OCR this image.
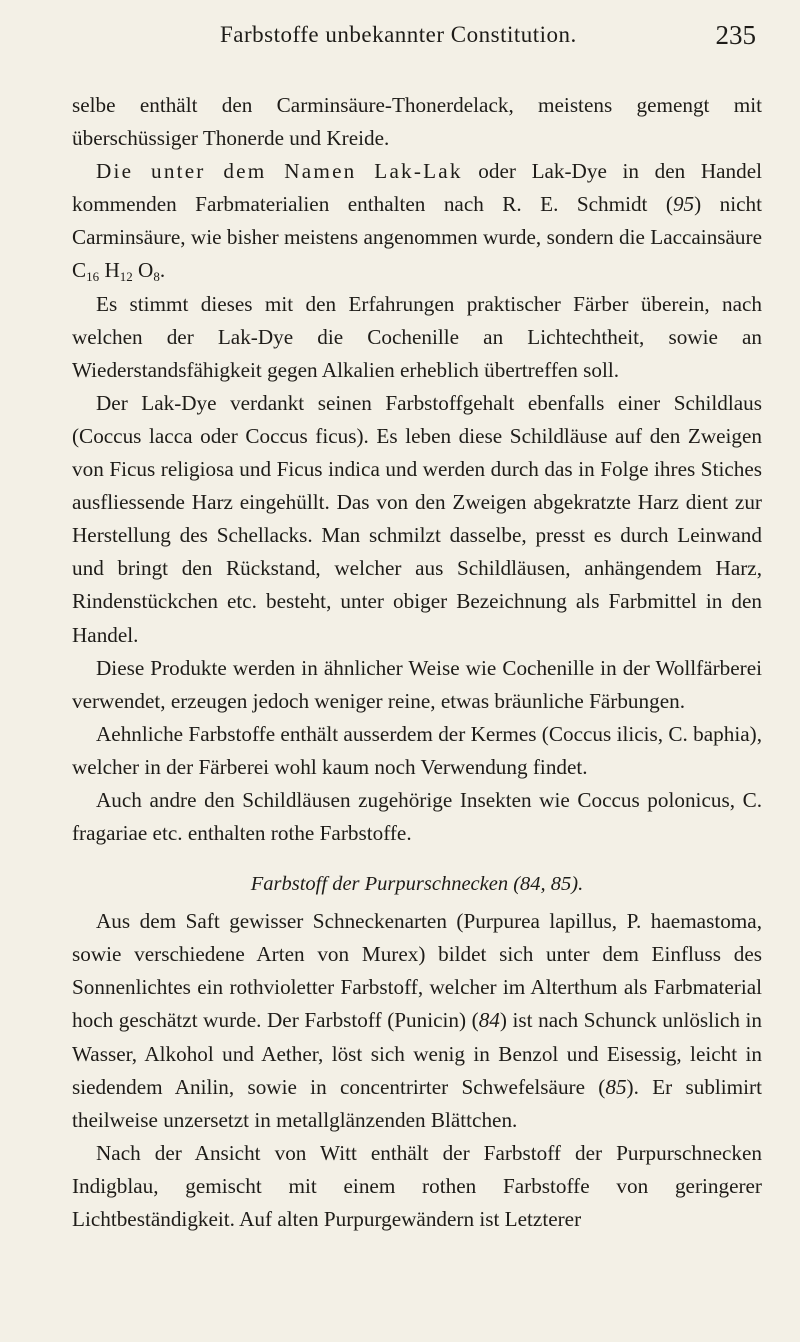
Farbstoffe unbekannter Constitution.	235

selbe enthält den Carminsäure-Thonerdelack, meistens gemengt mit überschüssiger Thonerde und Kreide.

Die unter dem Namen Lak-Lak oder Lak-Dye in den Handel kommenden Farbmaterialien enthalten nach R. E. Schmidt (95) nicht Carminsäure, wie bisher meistens angenommen wurde, sondern die Laccainsäure $C_{16}$ $H_{12}$ $O_8$.

Es stimmt dieses mit den Erfahrungen praktischer Färber überein, nach welchen der Lak-Dye die Cochenille an Lichtechtheit, sowie an Wiederstandsfähigkeit gegen Alkalien erheblich übertreffen soll.

Der Lak-Dye verdankt seinen Farbstoffgehalt ebenfalls einer Schildlaus (Coccus lacca oder Coccus ficus). Es leben diese Schildläuse auf den Zweigen von Ficus religiosa und Ficus indica und werden durch das in Folge ihres Stiches ausfliessende Harz eingehüllt. Das von den Zweigen abgekratzte Harz dient zur Herstellung des Schellacks. Man schmilzt dasselbe, presst es durch Leinwand und bringt den Rückstand, welcher aus Schildläusen, anhängendem Harz, Rindenstückchen etc. besteht, unter obiger Bezeichnung als Farbmittel in den Handel.

Diese Produkte werden in ähnlicher Weise wie Cochenille in der Wollfärberei verwendet, erzeugen jedoch weniger reine, etwas bräunliche Färbungen.

Aehnliche Farbstoffe enthält ausserdem der Kermes (Coccus ilicis, C. baphia), welcher in der Färberei wohl kaum noch Verwendung findet.

Auch andre den Schildläusen zugehörige Insekten wie Coccus polonicus, C. fragariae etc. enthalten rothe Farbstoffe.

Farbstoff der Purpurschnecken (84, 85).

Aus dem Saft gewisser Schneckenarten (Purpurea lapillus, P. haemastoma, sowie verschiedene Arten von Murex) bildet sich unter dem Einfluss des Sonnenlichtes ein rothvioletter Farbstoff, welcher im Alterthum als Farbmaterial hoch geschätzt wurde. Der Farbstoff (Punicin) (84) ist nach Schunck unlöslich in Wasser, Alkohol und Aether, löst sich wenig in Benzol und Eisessig, leicht in siedendem Anilin, sowie in concentrirter Schwefelsäure (85). Er sublimirt theilweise unzersetzt in metallglänzenden Blättchen.

Nach der Ansicht von Witt enthält der Farbstoff der Purpurschnecken Indigblau, gemischt mit einem rothen Farbstoffe von geringerer Lichtbeständigkeit. Auf alten Purpurgewändern ist Letzterer
